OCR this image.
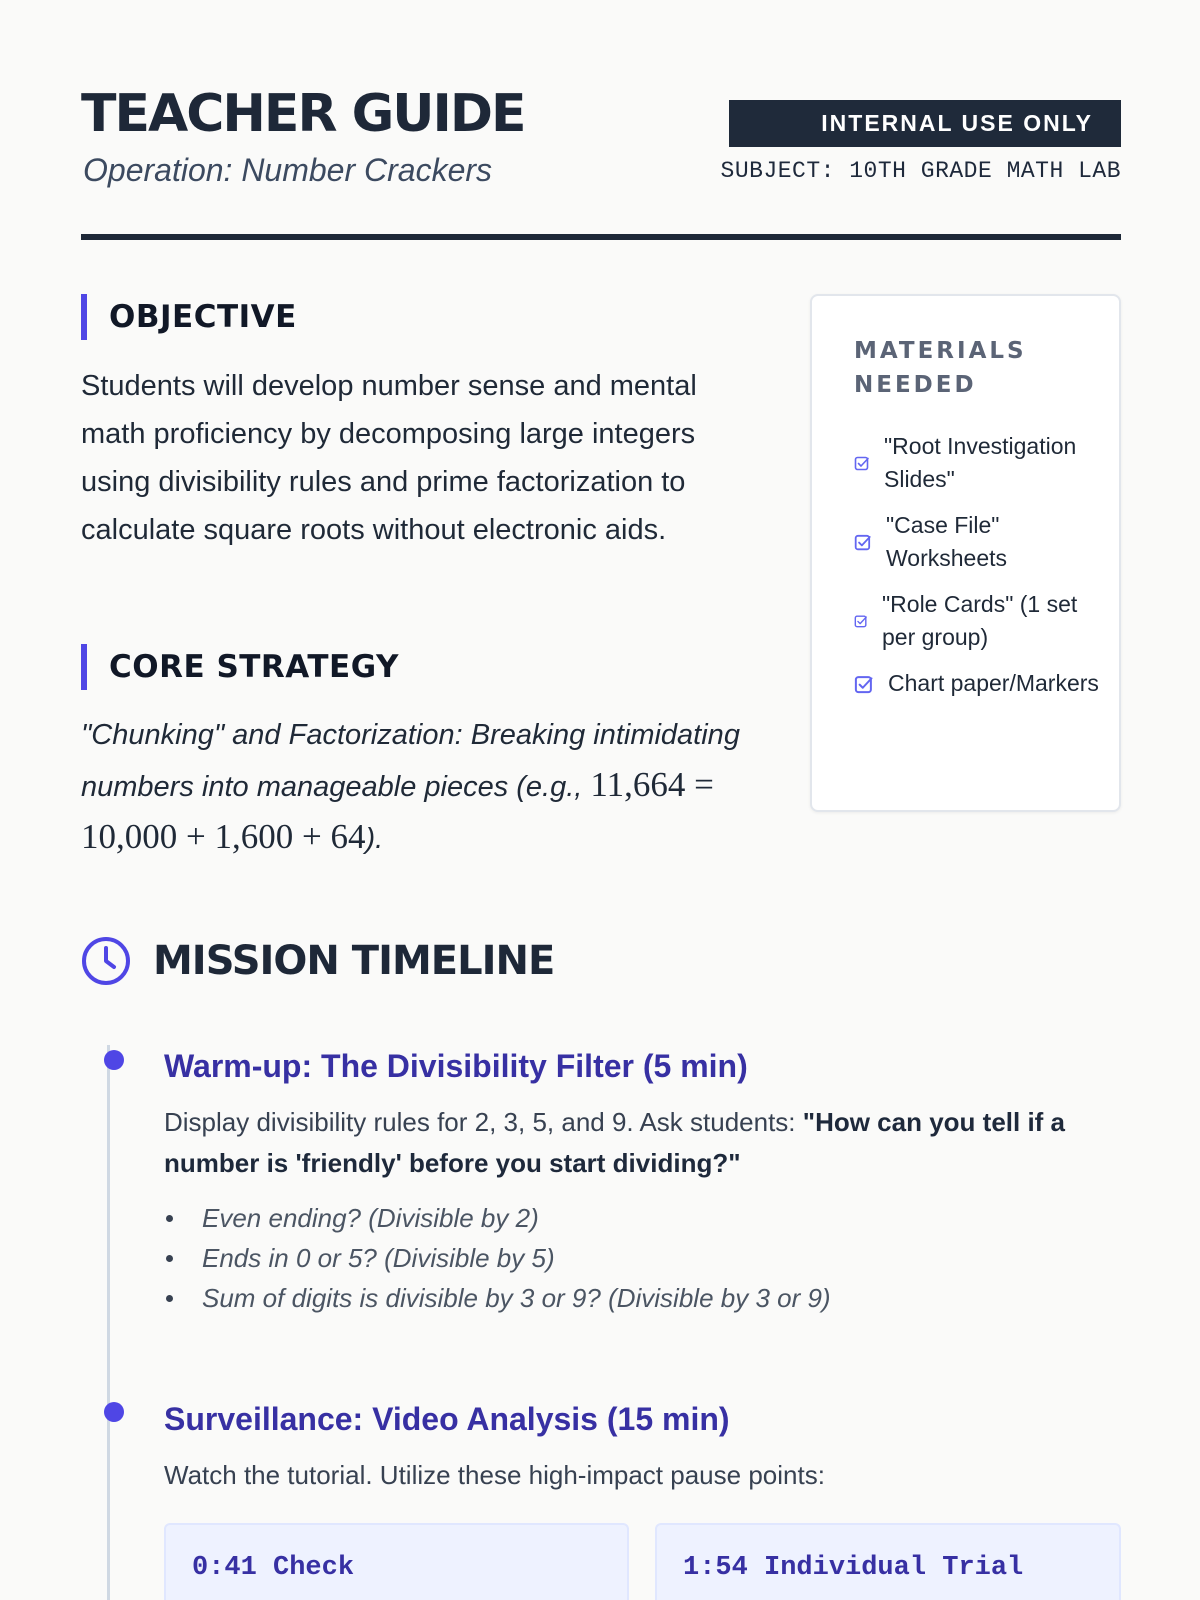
TEACHER GUIDE
Operation: Number Crackers
INTERNAL USE ONLY
SUBJECT: 10TH GRADE MATH LAB
OBJECTIVE

Students will develop number sense and mental math proficiency by decomposing large integers using divisibility rules and prime factorization to calculate square roots without electronic aids.

CORE STRATEGY

"Chunking" and Factorization: Breaking intimidating numbers into manageable pieces (e.g., 11,664 = 10,000 + 1,600 + 64).

MATERIALS NEEDED
"Root Investigation Slides"
"Case File" Worksheets
"Role Cards" (1 set per group)
Chart paper/Markers
MISSION TIMELINE
Warm-up: The Divisibility Filter (5 min)

Display divisibility rules for 2, 3, 5, and 9. Ask students: "How can you tell if a number is 'friendly' before you start dividing?"

Even ending? (Divisible by 2)
Ends in 0 or 5? (Divisible by 5)
Sum of digits is divisible by 3 or 9? (Divisible by 3 or 9)
Surveillance: Video Analysis (15 min)

Watch the tutorial. Utilize these high-impact pause points:

0:41 Check	1:54 Individual Trial
